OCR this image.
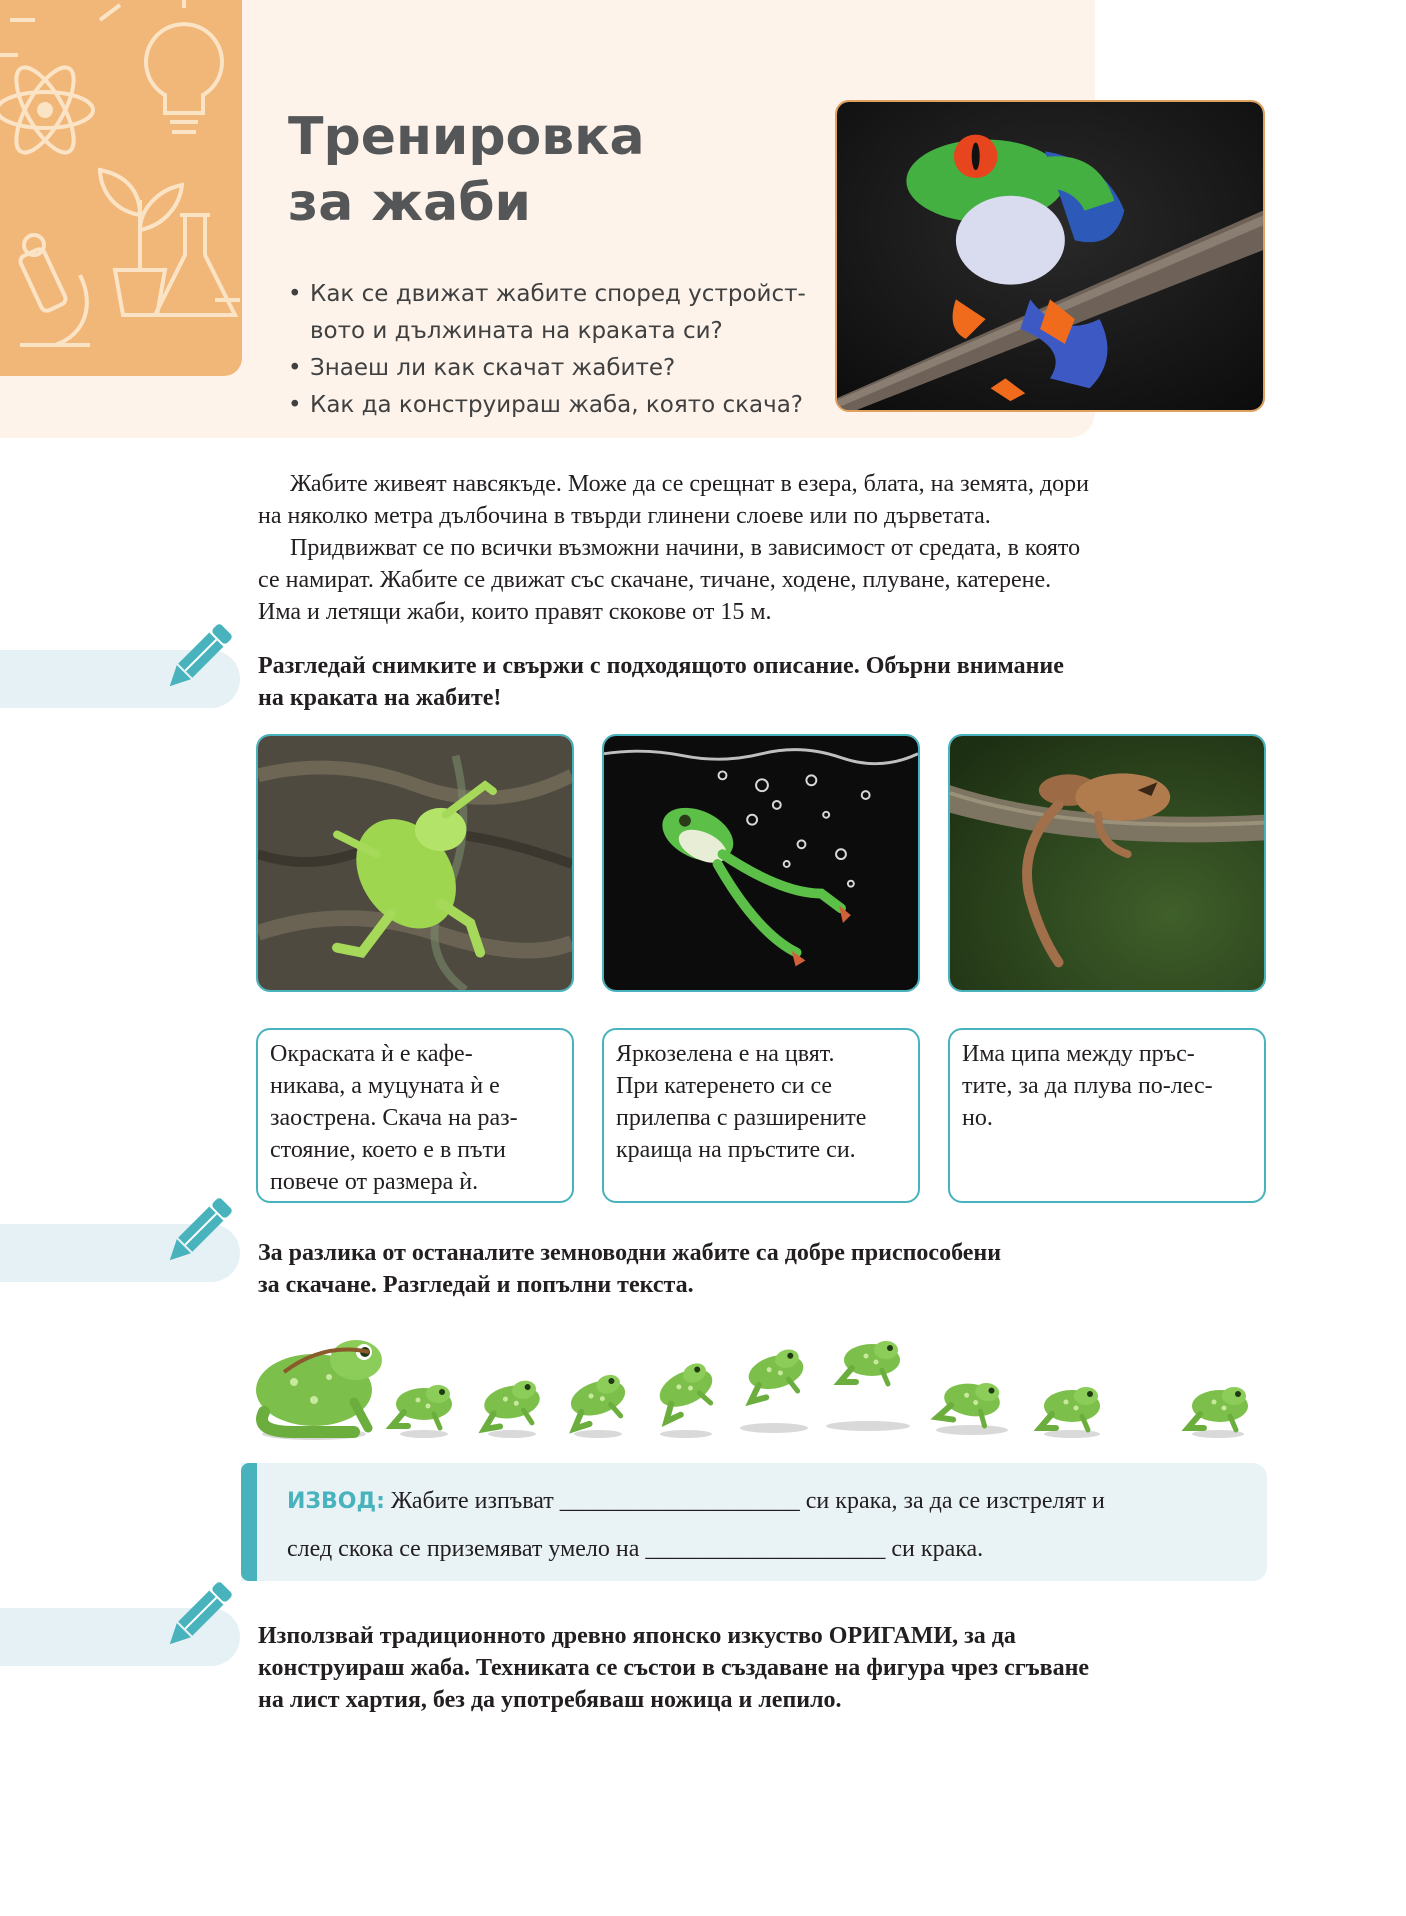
Тренировка
за жаби
• Как се движат жабите според устройст-
вото и дължината на краката си?
• Знаеш ли как скачат жабите?
• Как да конструираш жаба, която скача?

Жабите живеят навсякъде. Може да се срещнат в езера, блата, на земята, дори

на няколко метра дълбочина в твърди глинени слоеве или по дърветата.

Придвижват се по всички възможни начини, в зависимост от средата, в която

се намират. Жабите се движат със скачане, тичане, ходене, плуване, катерене.
Има и летящи жаби, които правят скокове от 15 м.

Разгледай снимките и свържи с подходящото описание. Обърни внимание
на краката на жабите!

Окраската ѝ е кафе-
никава, а муцуната ѝ е
заострена. Скача на раз-
стояние, което е в пъти
повече от размера ѝ.
Яркозелена е на цвят.
При катеренето си се
прилепва с разширените
краища на пръстите си.
Има ципа между пръс-
тите, за да плува по-лес-
но.

За разлика от останалите земноводни жабите са добре приспособени
за скачане. Разгледай и попълни текста.

ИЗВОД: Жабите изпъват ____________________ си крака, за да се изстрелят и
след скока се приземяват умело на ____________________ си крака.

Използвай традиционното древно японско изкуство ОРИГАМИ, за да
конструираш жаба. Техниката се състои в създаване на фигура чрез сгъване
на лист хартия, без да употребяваш ножица и лепило.
